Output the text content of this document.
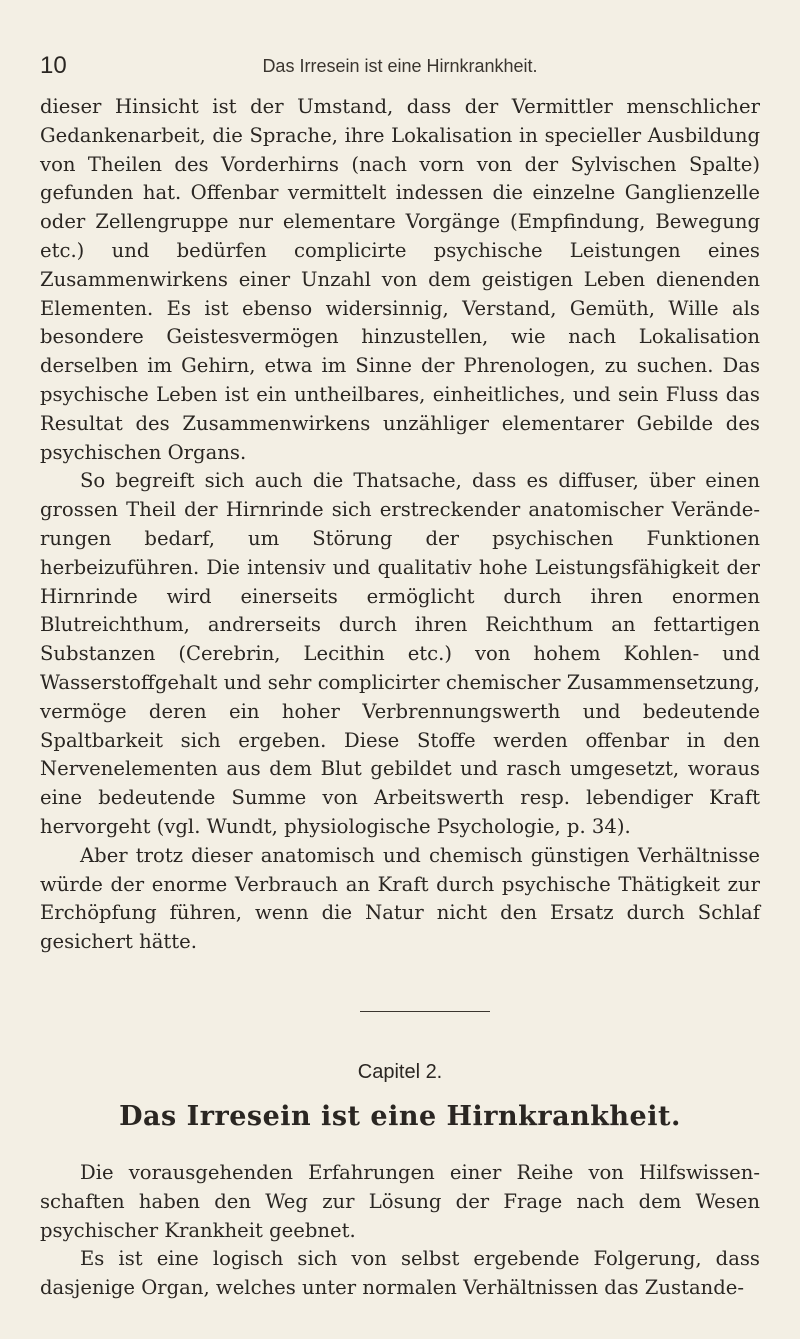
10	Das Irresein ist eine Hirnkrankheit.

dieser Hinsicht ist der Umstand, dass der Vermittler menschlicher Gedankenarbeit, die Sprache, ihre Lokalisation in specieller Ausbildung von Theilen des Vorderhirns (nach vorn von der Sylvischen Spalte) gefunden hat. Offenbar vermittelt indessen die einzelne Ganglienzelle oder Zellengruppe nur elementare Vorgänge (Empfindung, Bewegung etc.) und bedürfen complicirte psychische Leistungen eines Zusammenwirkens einer Unzahl von dem geistigen Leben dienenden Elementen. Es ist ebenso widersinnig, Verstand, Gemüth, Wille als besondere Geistesvermögen hinzustellen, wie nach Lokalisation derselben im Gehirn, etwa im Sinne der Phrenologen, zu suchen. Das psychische Leben ist ein untheilbares, einheitliches, und sein Fluss das Resultat des Zusammenwirkens unzähliger elementarer Gebilde des psychischen Organs.

So begreift sich auch die Thatsache, dass es diffuser, über einen grossen Theil der Hirnrinde sich erstreckender anatomischer Veränderungen bedarf, um Störung der psychischen Funktionen herbeizuführen. Die intensiv und qualitativ hohe Leistungsfähigkeit der Hirnrinde wird einerseits ermöglicht durch ihren enormen Blutreichthum, andrerseits durch ihren Reichthum an fettartigen Substanzen (Cerebrin, Lecithin etc.) von hohem Kohlen- und Wasserstoffgehalt und sehr complicirter chemischer Zusammensetzung, vermöge deren ein hoher Verbrennungswerth und bedeutende Spaltbarkeit sich ergeben. Diese Stoffe werden offenbar in den Nervenelementen aus dem Blut gebildet und rasch umgesetzt, woraus eine bedeutende Summe von Arbeitswerth resp. lebendiger Kraft hervorgeht (vgl. Wundt, physiologische Psychologie, p. 34).

Aber trotz dieser anatomisch und chemisch günstigen Verhältnisse würde der enorme Verbrauch an Kraft durch psychische Thätigkeit zur Erchöpfung führen, wenn die Natur nicht den Ersatz durch Schlaf gesichert hätte.

Capitel 2.
Das Irresein ist eine Hirnkrankheit.

Die vorausgehenden Erfahrungen einer Reihe von Hilfswissenschaften haben den Weg zur Lösung der Frage nach dem Wesen psychischer Krankheit geebnet.

Es ist eine logisch sich von selbst ergebende Folgerung, dass dasjenige Organ, welches unter normalen Verhältnissen das Zustande-
